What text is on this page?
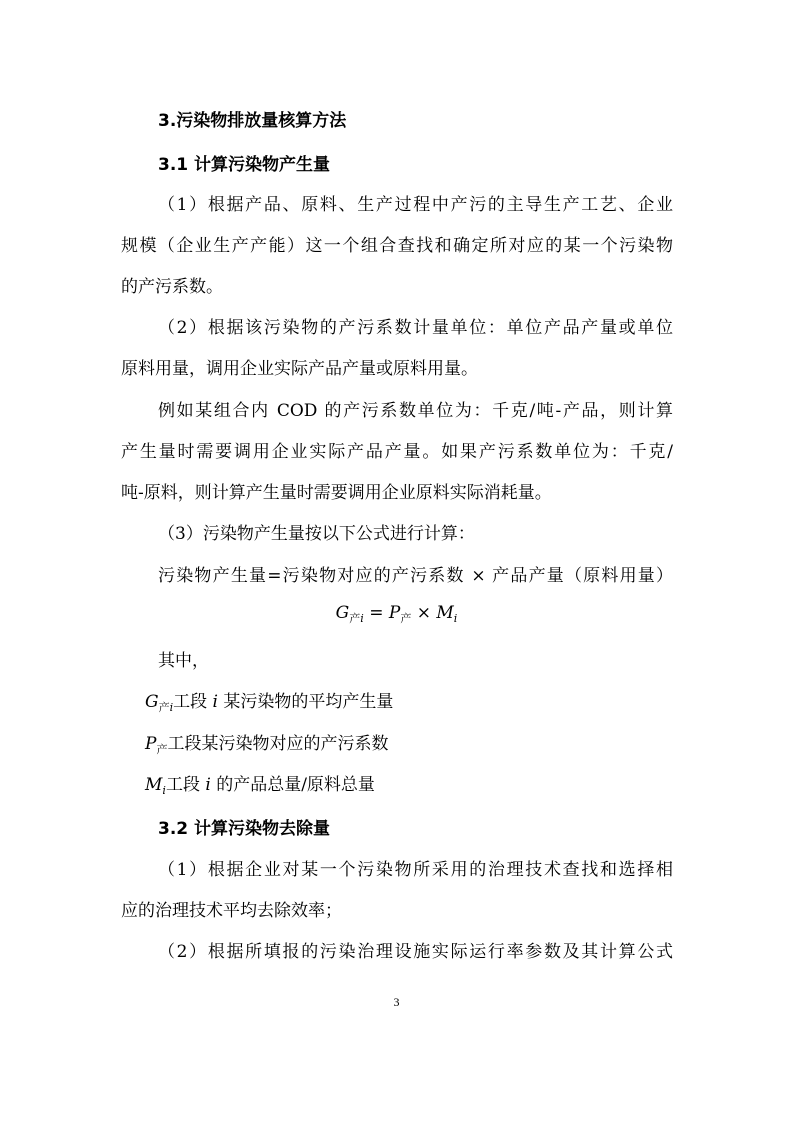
3.污染物排放量核算方法
3.1 计算污染物产生量
（1）根据产品、原料、生产过程中产污的主导生产工艺、企业
规模（企业生产产能）这一个组合查找和确定所对应的某一个污染物
的产污系数。
（2）根据该污染物的产污系数计量单位：单位产品产量或单位
原料用量，调用企业实际产品产量或原料用量。
例如某组合内 COD 的产污系数单位为：千克/吨-产品，则计算
产生量时需要调用企业实际产品产量。如果产污系数单位为：千克/
吨-原料，则计算产生量时需要调用企业原料实际消耗量。
（3）污染物产生量按以下公式进行计算：
污染物产生量=污染物对应的产污系数 × 产品产量（原料用量）
$G_{产i} = P_产 \times M_i$
其中，
$G_{产i}$工段 i 某污染物的平均产生量
$P_产$工段某污染物对应的产污系数
$M_i$工段 i 的产品总量/原料总量
3.2 计算污染物去除量
（1）根据企业对某一个污染物所采用的治理技术查找和选择相
应的治理技术平均去除效率；
（2）根据所填报的污染治理设施实际运行率参数及其计算公式
3
